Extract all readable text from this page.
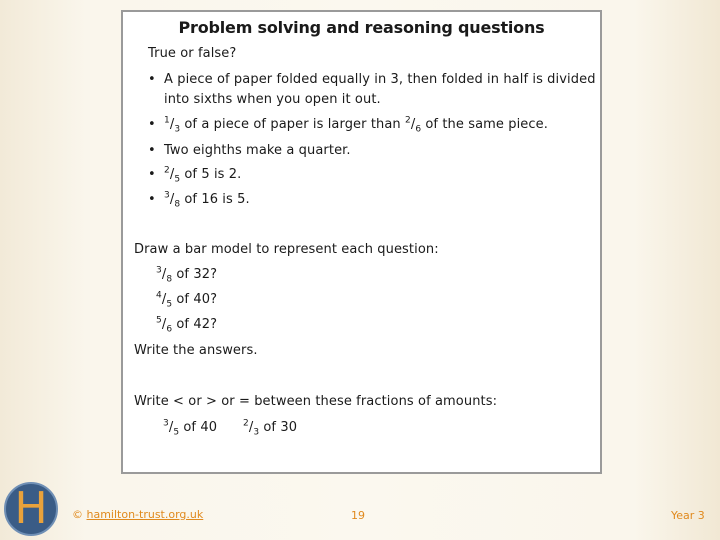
Problem solving and reasoning questions
True or false?
• A piece of paper folded equally in 3, then folded in half is divided
into sixths when you open it out.
• $^1/_3$ of a piece of paper is larger than $^2/_6$ of the same piece.
• Two eighths make a quarter.
• $^2/_5$ of 5 is 2.
• $^3/_8$ of 16 is 5.
Draw a bar model to represent each question:
$^3/_8$ of 32?
$^4/_5$ of 40?
$^5/_6$ of 42?
Write the answers.
Write < or > or = between these fractions of amounts:
$^3/_5$ of 40	$^2/_3$ of 30
H © hamilton-trust.org.uk	19	Year 3
